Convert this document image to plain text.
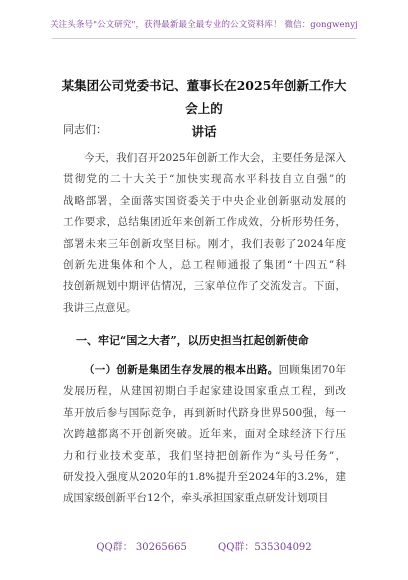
关注头条号"公文研究"，获得最新最全最专业的公文资料库！ 微信：gongwenyj
某集团公司党委书记、董事长在2025年创新工作大会上的
讲话
同志们：
今天，我们召开2025年创新工作大会，主要任务是深入
贯彻党的二十大关于“加快实现高水平科技自立自强”的
战略部署，全面落实国资委关于中央企业创新驱动发展的
工作要求，总结集团近年来创新工作成效，分析形势任务，
部署未来三年创新攻坚目标。刚才，我们表彰了2024年度
创新先进集体和个人，总工程师通报了集团“十四五”科
技创新规划中期评估情况，三家单位作了交流发言。下面，
我讲三点意见。
一、牢记“国之大者”，以历史担当扛起创新使命
（一）创新是集团生存发展的根本出路。回顾集团70年
发展历程，从建国初期白手起家建设国家重点工程，到改
革开放后参与国际竞争，再到新时代跻身世界500强，每一
次跨越都离不开创新突破。近年来，面对全球经济下行压
力和行业技术变革，我们坚持把创新作为“头号任务”，
研发投入强度从2020年的1.8%提升至2024年的3.2%，建
成国家级创新平台12个，牵头承担国家重点研发计划项目
QQ群： 30265665	QQ群：535304092
